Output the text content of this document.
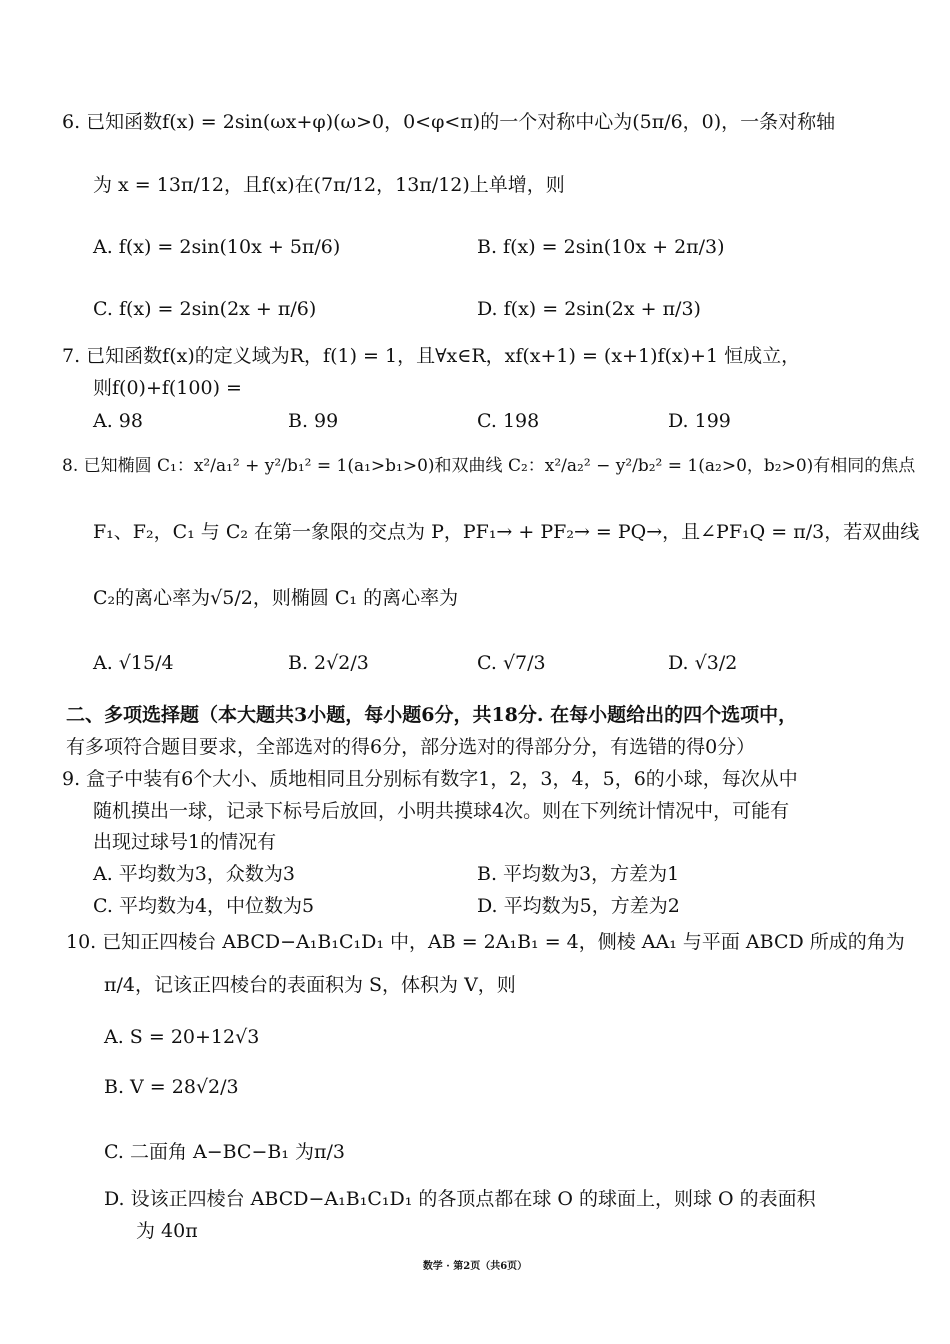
6. 已知函数f(x) = 2sin(ωx+φ)(ω>0，0<φ<π)的一个对称中心为(5π/6，0)，一条对称轴
为 x = 13π/12，且f(x)在(7π/12，13π/12)上单增，则
A. f(x) = 2sin(10x + 5π/6)	B. f(x) = 2sin(10x + 2π/3)
C. f(x) = 2sin(2x + π/6)	D. f(x) = 2sin(2x + π/3)
7. 已知函数f(x)的定义域为R，f(1) = 1，且∀x∈R，xf(x+1) = (x+1)f(x)+1 恒成立，
则f(0)+f(100) =
A. 98	B. 99	C. 198	D. 199
8. 已知椭圆 C₁：x²/a₁² + y²/b₁² = 1(a₁>b₁>0)和双曲线 C₂：x²/a₂² − y²/b₂² = 1(a₂>0，b₂>0)有相同的焦点
F₁、F₂，C₁ 与 C₂ 在第一象限的交点为 P，PF₁→ + PF₂→ = PQ→，且∠PF₁Q = π/3，若双曲线
C₂的离心率为√5/2，则椭圆 C₁ 的离心率为
A. √15/4	B. 2√2/3	C. √7/3	D. √3/2
二、多项选择题（本大题共3小题，每小题6分，共18分. 在每小题给出的四个选项中，
有多项符合题目要求，全部选对的得6分，部分选对的得部分分，有选错的得0分）
9. 盒子中装有6个大小、质地相同且分别标有数字1，2，3，4，5，6的小球，每次从中
随机摸出一球，记录下标号后放回，小明共摸球4次。则在下列统计情况中，可能有
出现过球号1的情况有
A. 平均数为3，众数为3	B. 平均数为3，方差为1
C. 平均数为4，中位数为5	D. 平均数为5，方差为2
10. 已知正四棱台 ABCD−A₁B₁C₁D₁ 中，AB = 2A₁B₁ = 4，侧棱 AA₁ 与平面 ABCD 所成的角为
π/4，记该正四棱台的表面积为 S，体积为 V，则
A. S = 20+12√3
B. V = 28√2/3
C. 二面角 A−BC−B₁ 为π/3
D. 设该正四棱台 ABCD−A₁B₁C₁D₁ 的各顶点都在球 O 的球面上，则球 O 的表面积
为 40π
数学 · 第2页（共6页）
